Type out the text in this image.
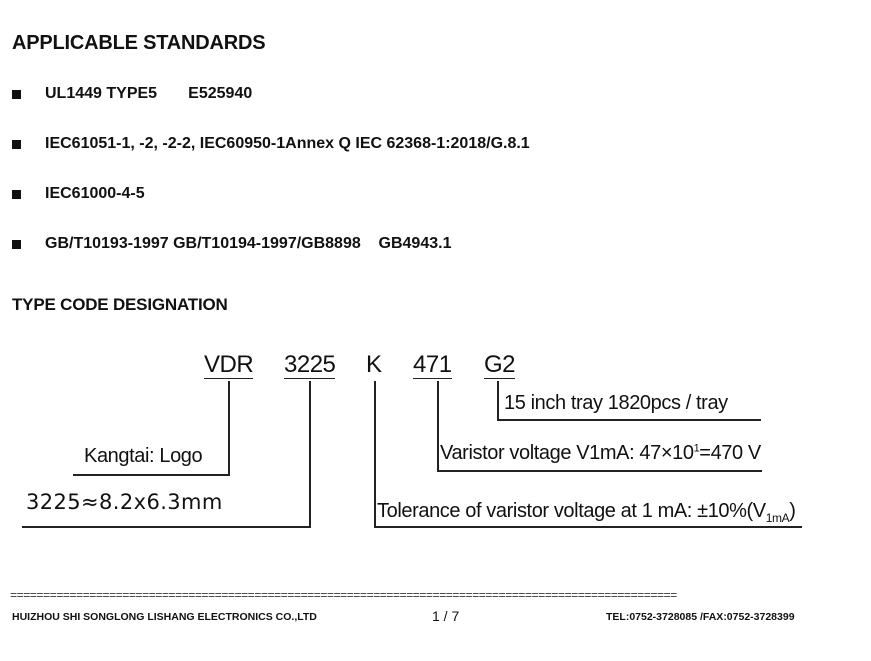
APPLICABLE STANDARDS
UL1449 TYPE5       E525940
IEC61051-1, -2, -2-2, IEC60950-1Annex Q IEC 62368-1:2018/G.8.1
IEC61000-4-5
GB/T10193-1997 GB/T10194-1997/GB8898    GB4943.1
TYPE CODE DESIGNATION
VDR 3225 K 471 G2
15 inch tray 1820pcs / tray
Varistor voltage V1mA: $47\times 10^1=470$ V
Kangtai: Logo
3225≈8.2x6.3mm	Tolerance of varistor voltage at 1 mA: $\pm 10\%(V_{1mA})$
=====================================================================================================
HUIZHOU SHI SONGLONG LISHANG ELECTRONICS CO.,LTD	1 / 7	TEL:0752-3728085 /FAX:0752-3728399
